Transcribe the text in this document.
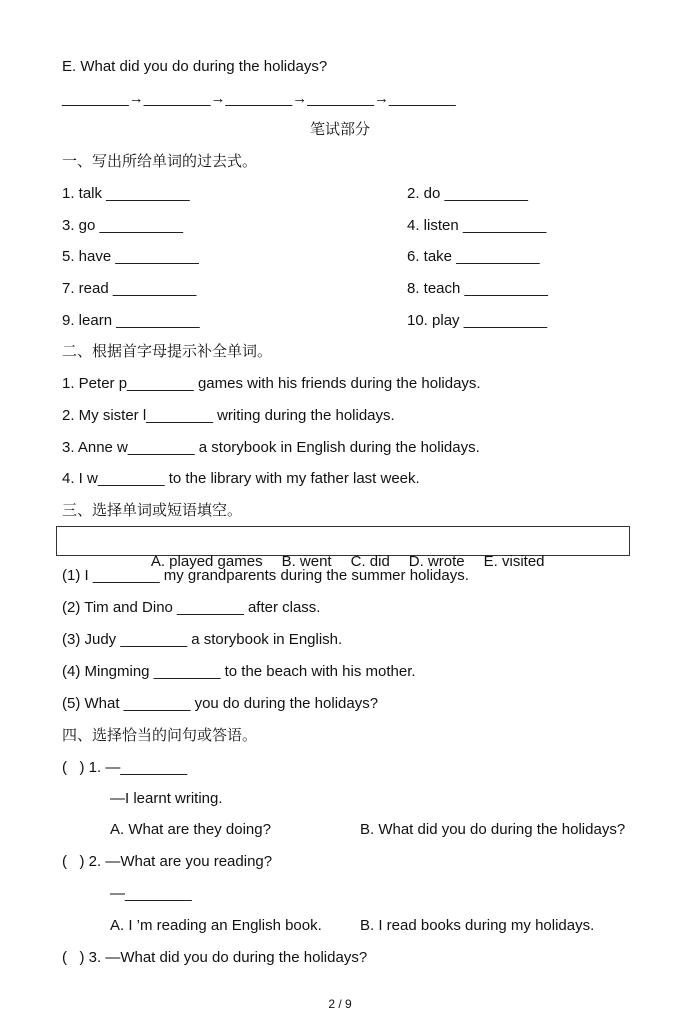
E. What did you do during the holidays?
________→________→________→________→________
笔试部分
一、写出所给单词的过去式。
1. talk __________	2. do __________
3. go __________	4. listen __________
5. have __________	6. take __________
7. read __________	8. teach __________
9. learn __________	10. play __________
二、根据首字母提示补全单词。
1. Peter p________ games with his friends during the holidays.
2. My sister l________ writing during the holidays.
3. Anne w________ a storybook in English during the holidays.
4. I w________ to the library with my father last week.
三、选择单词或短语填空。

A. played games B. went C. did D. wrote E. visited

(1) I ________ my grandparents during the summer holidays.
(2) Tim and Dino ________ after class.
(3) Judy ________ a storybook in English.
(4) Mingming ________ to the beach with his mother.
(5) What ________ you do during the holidays?
四、选择恰当的问句或答语。
(   ) 1. —________
—I learnt writing.
A. What are they doing?	B. What did you do during the holidays?
(   ) 2. —What are you reading?
—________
A. I ’m reading an English book.	B. I read books during my holidays.
(   ) 3. —What did you do during the holidays?
2 / 9
